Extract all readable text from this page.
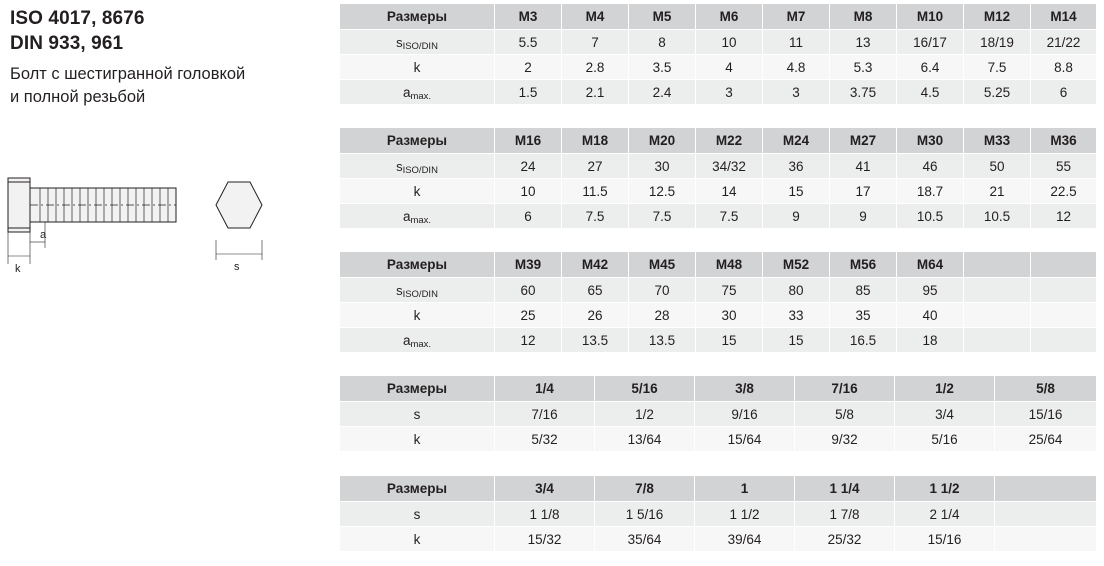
ISO 4017, 8676
DIN 933, 961
Болт с шестигранной головкой
и полной резьбой
k
a
s
Размеры	M3	M4	M5	M6	M7	M8	M10	M12	M14
sISO/DIN	5.5	7	8	10	11	13	16/17	18/19	21/22
k	2	2.8	3.5	4	4.8	5.3	6.4	7.5	8.8
amax.	1.5	2.1	2.4	3	3	3.75	4.5	5.25	6
Размеры	M16	M18	M20	M22	M24	M27	M30	M33	M36
sISO/DIN	24	27	30	34/32	36	41	46	50	55
k	10	11.5	12.5	14	15	17	18.7	21	22.5
amax.	6	7.5	7.5	7.5	9	9	10.5	10.5	12
Размеры	M39	M42	M45	M48	M52	M56	M64		
sISO/DIN	60	65	70	75	80	85	95		
k	25	26	28	30	33	35	40		
amax.	12	13.5	13.5	15	15	16.5	18		
Размеры	1/4	5/16	3/8	7/16	1/2	5/8
s	7/16	1/2	9/16	5/8	3/4	15/16
k	5/32	13/64	15/64	9/32	5/16	25/64
Размеры	3/4	7/8	1	1 1/4	1 1/2	
s	1 1/8	1 5/16	1 1/2	1 7/8	2 1/4	
k	15/32	35/64	39/64	25/32	15/16	
